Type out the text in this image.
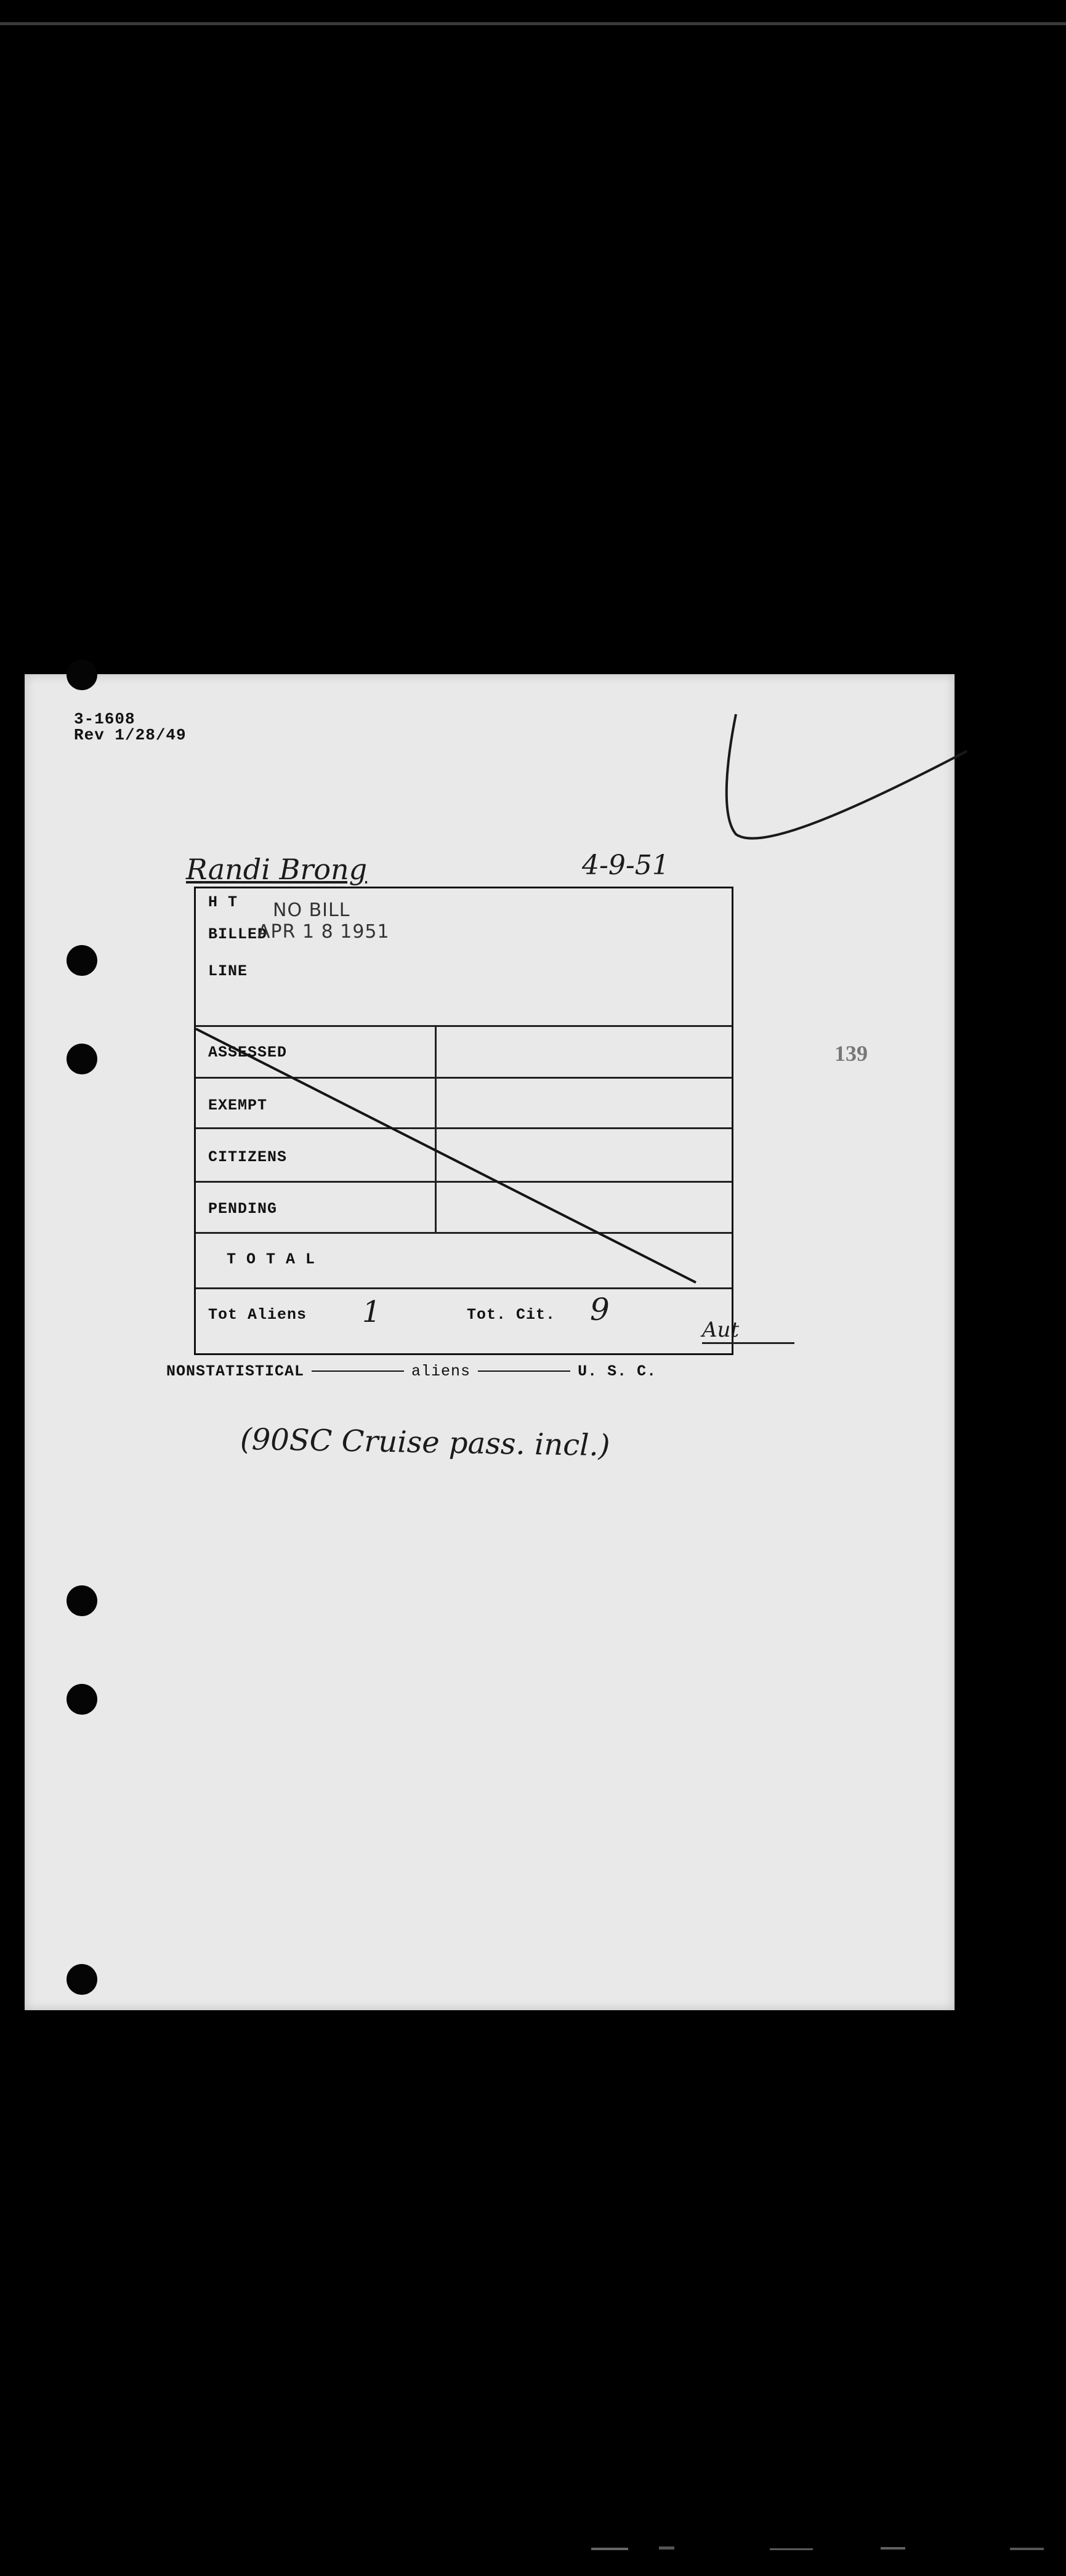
3-1608
Rev 1/28/49
Randi Brong	4-9-51
H T
BILLED
LINE
NO BILL
APR 1 8 1951
ASSESSED
EXEMPT
CITIZENS
PENDING
T O T A L
Tot Aliens 1	Tot. Cit. 9
Aut
139
NONSTATISTICAL	aliens	U. S. C.
(90SC Cruise pass. incl.)
